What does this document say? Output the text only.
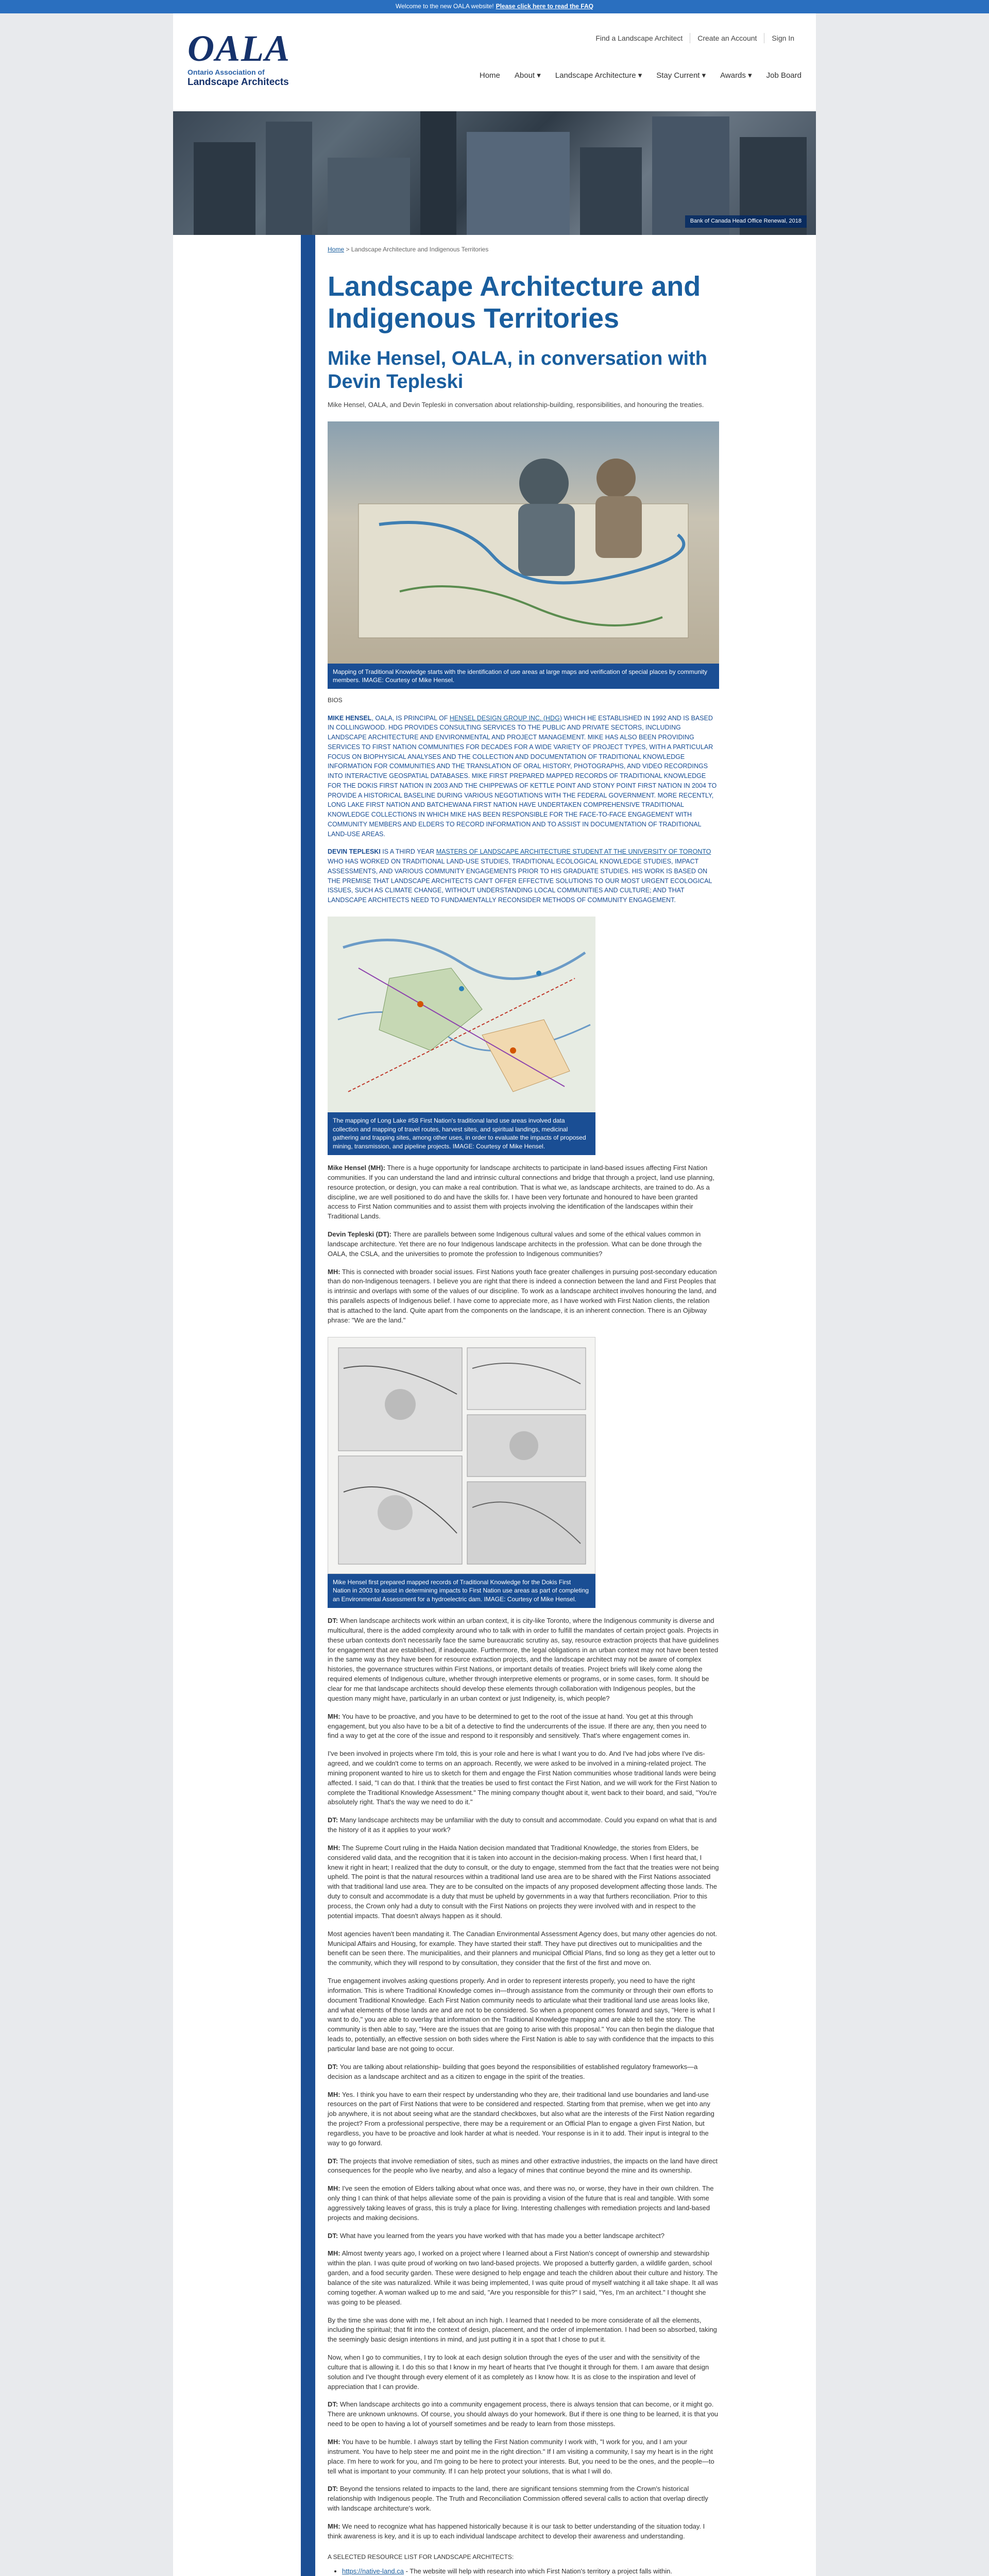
Welcome to the new OALA website! Please click here to read the FAQ
OALA
Ontario Association of
Landscape Architects
Find a Landscape Architect	Create an Account	Sign In
Home About ▾ Landscape Architecture ▾ Stay Current ▾ Awards ▾ Job Board
Bank of Canada Head Office Renewal, 2018
Home > Landscape Architecture and Indigenous Territories
Landscape Architecture and Indigenous Territories
Mike Hensel, OALA, in conversation with Devin Tepleski

Mike Hensel, OALA, and Devin Tepleski in conversation about relationship-building, responsibilities, and honouring the treaties.

Mapping of Traditional Knowledge starts with the identification of use areas at large maps and verification of special places by community members. IMAGE: Courtesy of Mike Hensel.
BIOS

MIKE HENSEL, OALA, IS PRINCIPAL OF HENSEL DESIGN GROUP INC. (HDG) WHICH HE ESTABLISHED IN 1992 AND IS BASED IN COLLINGWOOD. HDG PROVIDES CONSULTING SERVICES TO THE PUBLIC AND PRIVATE SECTORS, INCLUDING LANDSCAPE ARCHITECTURE AND ENVIRONMENTAL AND PROJECT MANAGEMENT. MIKE HAS ALSO BEEN PROVIDING SERVICES TO FIRST NATION COMMUNITIES FOR DECADES FOR A WIDE VARIETY OF PROJECT TYPES, WITH A PARTICULAR FOCUS ON BIOPHYSICAL ANALYSES AND THE COLLECTION AND DOCUMENTATION OF TRADITIONAL KNOWLEDGE INFORMATION FOR COMMUNITIES AND THE TRANSLATION OF ORAL HISTORY, PHOTOGRAPHS, AND VIDEO RECORDINGS INTO INTERACTIVE GEOSPATIAL DATABASES. MIKE FIRST PREPARED MAPPED RECORDS OF TRADITIONAL KNOWLEDGE FOR THE DOKIS FIRST NATION IN 2003 AND THE CHIPPEWAS OF KETTLE POINT AND STONY POINT FIRST NATION IN 2004 TO PROVIDE A HISTORICAL BASELINE DURING VARIOUS NEGOTIATIONS WITH THE FEDERAL GOVERNMENT. MORE RECENTLY, LONG LAKE FIRST NATION AND BATCHEWANA FIRST NATION HAVE UNDERTAKEN COMPREHENSIVE TRADITIONAL KNOWLEDGE COLLECTIONS IN WHICH MIKE HAS BEEN RESPONSIBLE FOR THE FACE-TO-FACE ENGAGEMENT WITH COMMUNITY MEMBERS AND ELDERS TO RECORD INFORMATION AND TO ASSIST IN DOCUMENTATION OF TRADITIONAL LAND-USE AREAS.

DEVIN TEPLESKI IS A THIRD YEAR MASTERS OF LANDSCAPE ARCHITECTURE STUDENT AT THE UNIVERSITY OF TORONTO WHO HAS WORKED ON TRADITIONAL LAND-USE STUDIES, TRADITIONAL ECOLOGICAL KNOWLEDGE STUDIES, IMPACT ASSESSMENTS, AND VARIOUS COMMUNITY ENGAGEMENTS PRIOR TO HIS GRADUATE STUDIES. HIS WORK IS BASED ON THE PREMISE THAT LANDSCAPE ARCHITECTS CAN'T OFFER EFFECTIVE SOLUTIONS TO OUR MOST URGENT ECOLOGICAL ISSUES, SUCH AS CLIMATE CHANGE, WITHOUT UNDERSTANDING LOCAL COMMUNITIES AND CULTURE; AND THAT LANDSCAPE ARCHITECTS NEED TO FUNDAMENTALLY RECONSIDER METHODS OF COMMUNITY ENGAGEMENT.

The mapping of Long Lake #58 First Nation's traditional land use areas involved data collection and mapping of travel routes, harvest sites, and spiritual landings, medicinal gathering and trapping sites, among other uses, in order to evaluate the impacts of proposed mining, transmission, and pipeline projects. IMAGE: Courtesy of Mike Hensel.

Mike Hensel (MH): There is a huge opportunity for landscape architects to participate in land-based issues affecting First Nation communities. If you can understand the land and intrinsic cultural connections and bridge that through a project, land use planning, resource protection, or design, you can make a real contribution. That is what we, as landscape architects, are trained to do. As a discipline, we are well positioned to do and have the skills for. I have been very fortunate and honoured to have been granted access to First Nation communities and to assist them with projects involving the identification of the landscapes within their Traditional Lands.

Devin Tepleski (DT): There are parallels between some Indigenous cultural values and some of the ethical values common in landscape architecture. Yet there are no four Indigenous landscape architects in the profession. What can be done through the OALA, the CSLA, and the universities to promote the profession to Indigenous communities?

MH: This is connected with broader social issues. First Nations youth face greater challenges in pursuing post-secondary education than do non-Indigenous teenagers. I believe you are right that there is indeed a connection between the land and First Peoples that is intrinsic and overlaps with some of the values of our discipline. To work as a landscape architect involves honouring the land, and this parallels aspects of Indigenous belief. I have come to appreciate more, as I have worked with First Nation clients, the relation that is attached to the land. Quite apart from the components on the landscape, it is an inherent connection. There is an Ojibway phrase: "We are the land."

Mike Hensel first prepared mapped records of Traditional Knowledge for the Dokis First Nation in 2003 to assist in determining impacts to First Nation use areas as part of completing an Environmental Assessment for a hydroelectric dam. IMAGE: Courtesy of Mike Hensel.

DT: When landscape architects work within an urban context, it is city-like Toronto, where the Indigenous community is diverse and multicultural, there is the added complexity around who to talk with in order to fulfill the mandates of certain project goals. Projects in these urban contexts don't necessarily face the same bureaucratic scrutiny as, say, resource extraction projects that have guidelines for engagement that are established, if inadequate. Furthermore, the legal obligations in an urban context may not have been tested in the same way as they have been for resource extraction projects, and the landscape architect may not be aware of complex histories, the governance structures within First Nations, or important details of treaties. Project briefs will likely come along the required elements of Indigenous culture, whether through interpretive elements or programs, or in some cases, form. It should be clear for me that landscape architects should develop these elements through collaboration with Indigenous peoples, but the question many might have, particularly in an urban context or just Indigeneity, is, which people?

MH: You have to be proactive, and you have to be determined to get to the root of the issue at hand. You get at this through engagement, but you also have to be a bit of a detective to find the undercurrents of the issue. If there are any, then you need to find a way to get at the core of the issue and respond to it responsibly and sensitively. That's where engagement comes in.

I've been involved in projects where I'm told, this is your role and here is what I want you to do. And I've had jobs where I've dis- agreed, and we couldn't come to terms on an approach. Recently, we were asked to be involved in a mining-related project. The mining proponent wanted to hire us to sketch for them and engage the First Nation communities whose traditional lands were being affected. I said, "I can do that. I think that the treaties be used to first contact the First Nation, and we will work for the First Nation to complete the Traditional Knowledge Assessment." The mining company thought about it, went back to their board, and said, "You're absolutely right. That's the way we need to do it."

DT: Many landscape architects may be unfamiliar with the duty to consult and accommodate. Could you expand on what that is and the history of it as it applies to your work?

MH: The Supreme Court ruling in the Haida Nation decision mandated that Traditional Knowledge, the stories from Elders, be considered valid data, and the recognition that it is taken into account in the decision-making process. When I first heard that, I knew it right in heart; I realized that the duty to consult, or the duty to engage, stemmed from the fact that the treaties were not being upheld. The point is that the natural resources within a traditional land use area are to be shared with the First Nations associated with that traditional land use area. They are to be consulted on the impacts of any proposed development affecting those lands. The duty to consult and accommodate is a duty that must be upheld by governments in a way that furthers reconciliation. Prior to this process, the Crown only had a duty to consult with the First Nations on projects they were involved with and in respect to the potential impacts. That doesn't always happen as it should.

Most agencies haven't been mandating it. The Canadian Environmental Assessment Agency does, but many other agencies do not. Municipal Affairs and Housing, for example. They have started their staff. They have put directives out to municipalities and the benefit can be seen there. The municipalities, and their planners and municipal Official Plans, find so long as they get a letter out to the community, which they will respond to by consultation, they consider that the first of the first and move on.

True engagement involves asking questions properly. And in order to represent interests properly, you need to have the right information. This is where Traditional Knowledge comes in—through assistance from the community or through their own efforts to document Traditional Knowledge. Each First Nation community needs to articulate what their traditional land use areas looks like, and what elements of those lands are and are not to be considered. So when a proponent comes forward and says, "Here is what I want to do," you are able to overlay that information on the Traditional Knowledge mapping and are able to tell the story. The community is then able to say, "Here are the issues that are going to arise with this proposal." You can then begin the dialogue that leads to, potentially, an effective session on both sides where the First Nation is able to say with confidence that the impacts to this particular land base are not going to occur.

DT: You are talking about relationship- building that goes beyond the responsibilities of established regulatory frameworks—a decision as a landscape architect and as a citizen to engage in the spirit of the treaties.

MH: Yes. I think you have to earn their respect by understanding who they are, their traditional land use boundaries and land-use resources on the part of First Nations that were to be considered and respected. Starting from that premise, when we get into any job anywhere, it is not about seeing what are the standard checkboxes, but also what are the interests of the First Nation regarding the project? From a professional perspective, there may be a requirement or an Official Plan to engage a given First Nation, but regardless, you have to be proactive and look harder at what is needed. Your response is in it to add. Their input is integral to the way to go forward.

DT: The projects that involve remediation of sites, such as mines and other extractive industries, the impacts on the land have direct consequences for the people who live nearby, and also a legacy of mines that continue beyond the mine and its ownership.

MH: I've seen the emotion of Elders talking about what once was, and there was no, or worse, they have in their own children. The only thing I can think of that helps alleviate some of the pain is providing a vision of the future that is real and tangible. With some aggressively taking leaves of grass, this is truly a place for living. Interesting challenges with remediation projects and land-based projects and making decisions.

DT: What have you learned from the years you have worked with that has made you a better landscape architect?

MH: Almost twenty years ago, I worked on a project where I learned about a First Nation's concept of ownership and stewardship within the plan. I was quite proud of working on two land-based projects. We proposed a butterfly garden, a wildlife garden, school garden, and a food security garden. These were designed to help engage and teach the children about their culture and history. The balance of the site was naturalized. While it was being implemented, I was quite proud of myself watching it all take shape. It all was coming together. A woman walked up to me and said, "Are you responsible for this?" I said, "Yes, I'm an architect." I thought she was going to be pleased.

By the time she was done with me, I felt about an inch high. I learned that I needed to be more considerate of all the elements, including the spiritual; that fit into the context of design, placement, and the order of implementation. I had been so absorbed, taking the seemingly basic design intentions in mind, and just putting it in a spot that I chose to put it.

Now, when I go to communities, I try to look at each design solution through the eyes of the user and with the sensitivity of the culture that is allowing it. I do this so that I know in my heart of hearts that I've thought it through for them. I am aware that design solution and I've thought through every element of it as completely as I know how. It is as close to the inspiration and level of appreciation that I can provide.

DT: When landscape architects go into a community engagement process, there is always tension that can become, or it might go. There are unknown unknowns. Of course, you should always do your homework. But if there is one thing to be learned, it is that you need to be open to having a lot of yourself sometimes and be ready to learn from those missteps.

MH: You have to be humble. I always start by telling the First Nation community I work with, "I work for you, and I am your instrument. You have to help steer me and point me in the right direction." If I am visiting a community, I say my heart is in the right place. I'm here to work for you, and I'm going to be here to protect your interests. But, you need to be the ones, and the people—to tell what is important to your community. If I can help protect your solutions, that is what I will do.

DT: Beyond the tensions related to impacts to the land, there are significant tensions stemming from the Crown's historical relationship with Indigenous people. The Truth and Reconciliation Commission offered several calls to action that overlap directly with landscape architecture's work.

MH: We need to recognize what has happened historically because it is our task to better understanding of the situation today. I think awareness is key, and it is up to each individual landscape architect to develop their awareness and understanding.

A SELECTED RESOURCE LIST FOR LANDSCAPE ARCHITECTS:
• https://native-land.ca - The website will help with research into which First Nation's territory a project falls within.
